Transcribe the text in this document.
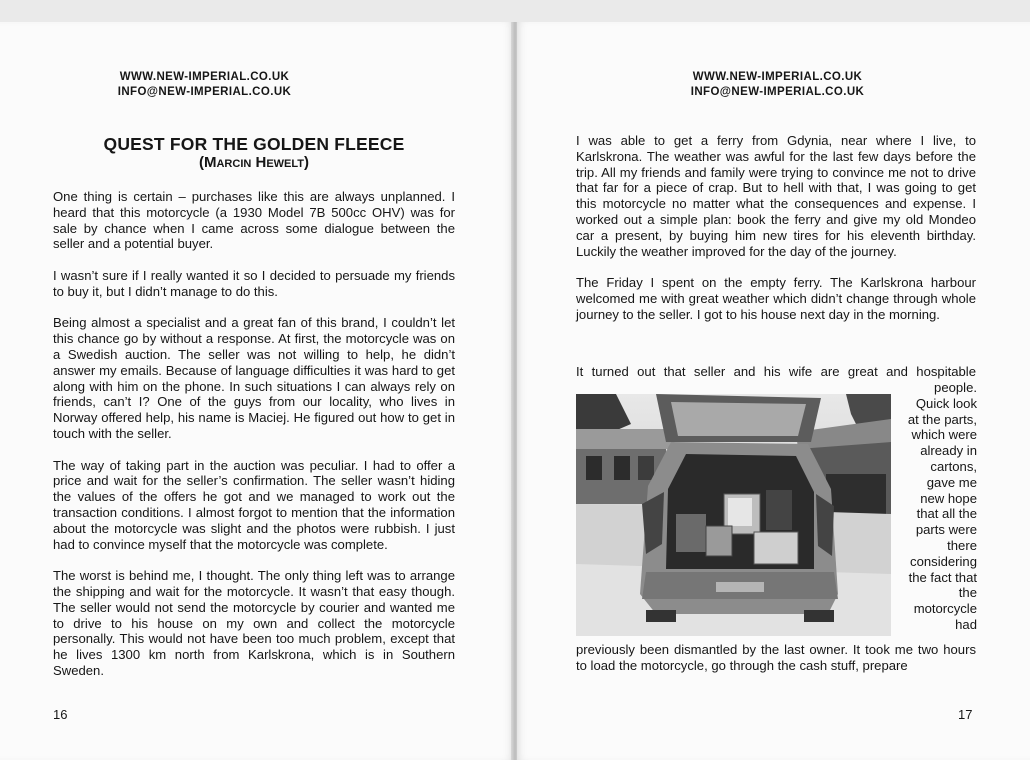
WWW.NEW-IMPERIAL.CO.UK
INFO@NEW-IMPERIAL.CO.UK
QUEST FOR THE GOLDEN FLEECE
(Marcin Hewelt)

One thing is certain – purchases like this are always unplanned. I heard that this motorcycle (a 1930 Model 7B 500cc OHV) was for sale by chance when I came across some dialogue between the seller and a potential buyer.

I wasn’t sure if I really wanted it so I decided to persuade my friends to buy it, but I didn’t manage to do this.

Being almost a specialist and a great fan of this brand, I couldn’t let this chance go by without a response. At first, the motorcycle was on a Swedish auction. The seller was not willing to help, he didn’t answer my emails. Because of language difficulties it was hard to get along with him on the phone. In such situations I can always rely on friends, can’t I? One of the guys from our locality, who lives in Norway offered help, his name is Maciej. He figured out how to get in touch with the seller.

The way of taking part in the auction was peculiar. I had to offer a price and wait for the seller’s confirmation. The seller wasn’t hiding the values of the offers he got and we managed to work out the transaction conditions. I almost forgot to mention that the information about the motorcycle was slight and the photos were rubbish. I just had to convince myself that the motorcycle was complete.

The worst is behind me, I thought. The only thing left was to arrange the shipping and wait for the motorcycle. It wasn’t that easy though. The seller would not send the motorcycle by courier and wanted me to drive to his house on my own and collect the motorcycle personally. This would not have been too much problem, except that he lives 1300 km north from Karlskrona, which is in Southern Sweden.

16
WWW.NEW-IMPERIAL.CO.UK
INFO@NEW-IMPERIAL.CO.UK

I was able to get a ferry from Gdynia, near where I live, to Karlskrona. The weather was awful for the last few days before the trip. All my friends and family were trying to convince me not to drive that far for a piece of crap. But to hell with that, I was going to get this motorcycle no matter what the consequences and expense. I worked out a simple plan: book the ferry and give my old Mondeo car a present, by buying him new tires for his eleventh birthday. Luckily the weather improved for the day of the journey.

The Friday I spent on the empty ferry. The Karlskrona harbour welcomed me with great weather which didn’t change through whole journey to the seller. I got to his house next day in the morning.

It turned out that seller and his wife are great and hospitable
people.
Quick look
at the parts,
which were
already in
cartons,
gave me
new hope
that all the
parts were
there
considering
the fact that
the
motorcycle
had
previously been dismantled by the last owner. It took me two hours to load the motorcycle, go through the cash stuff, prepare
17
